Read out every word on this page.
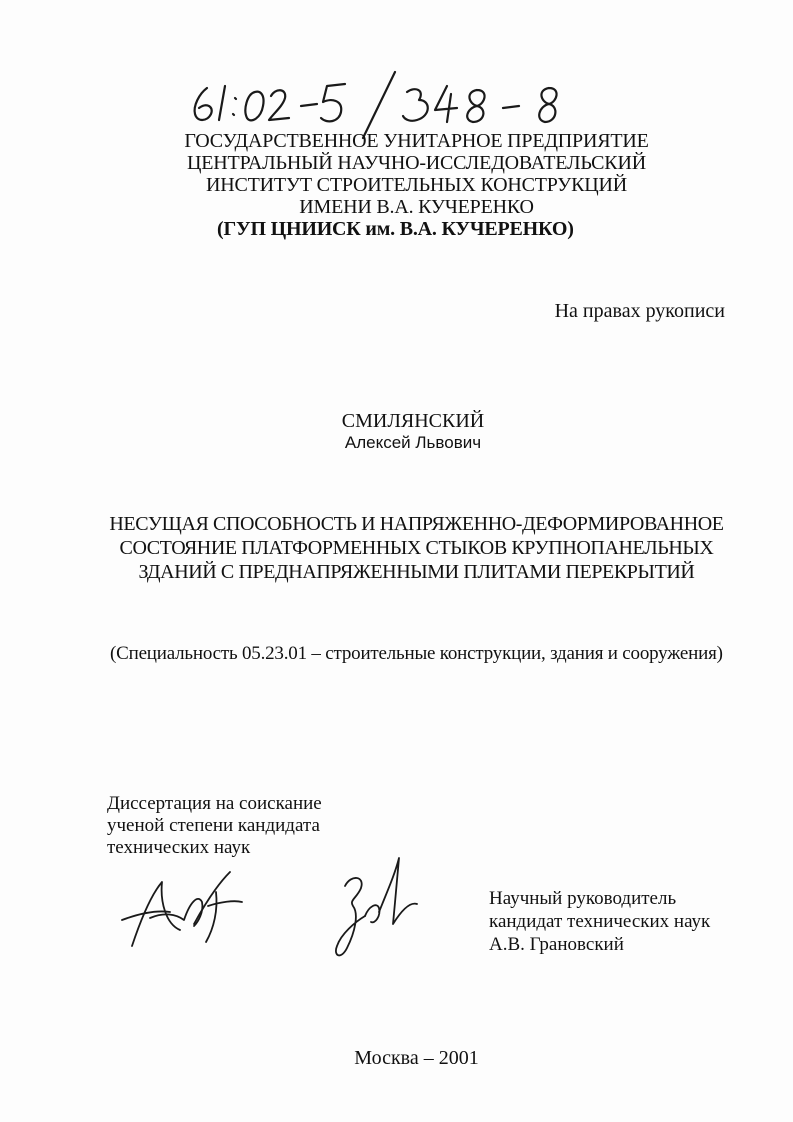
ГОСУДАРСТВЕННОЕ УНИТАРНОЕ ПРЕДПРИЯТИЕ
ЦЕНТРАЛЬНЫЙ НАУЧНО-ИССЛЕДОВАТЕЛЬСКИЙ
ИНСТИТУТ СТРОИТЕЛЬНЫХ КОНСТРУКЦИЙ
ИМЕНИ В.А. КУЧЕРЕНКО
(ГУП ЦНИИСК им. В.А. КУЧЕРЕНКО)
На правах рукописи
СМИЛЯНСКИЙ
Алексей Львович
НЕСУЩАЯ СПОСОБНОСТЬ И НАПРЯЖЕННО-ДЕФОРМИРОВАННОЕ
СОСТОЯНИЕ ПЛАТФОРМЕННЫХ СТЫКОВ КРУПНОПАНЕЛЬНЫХ
ЗДАНИЙ С ПРЕДНАПРЯЖЕННЫМИ ПЛИТАМИ ПЕРЕКРЫТИЙ
(Специальность 05.23.01 – строительные конструкции, здания и сооружения)
Диссертация на соискание
ученой степени кандидата
технических наук
Научный руководитель
кандидат технических наук
А.В. Грановский
Москва – 2001
